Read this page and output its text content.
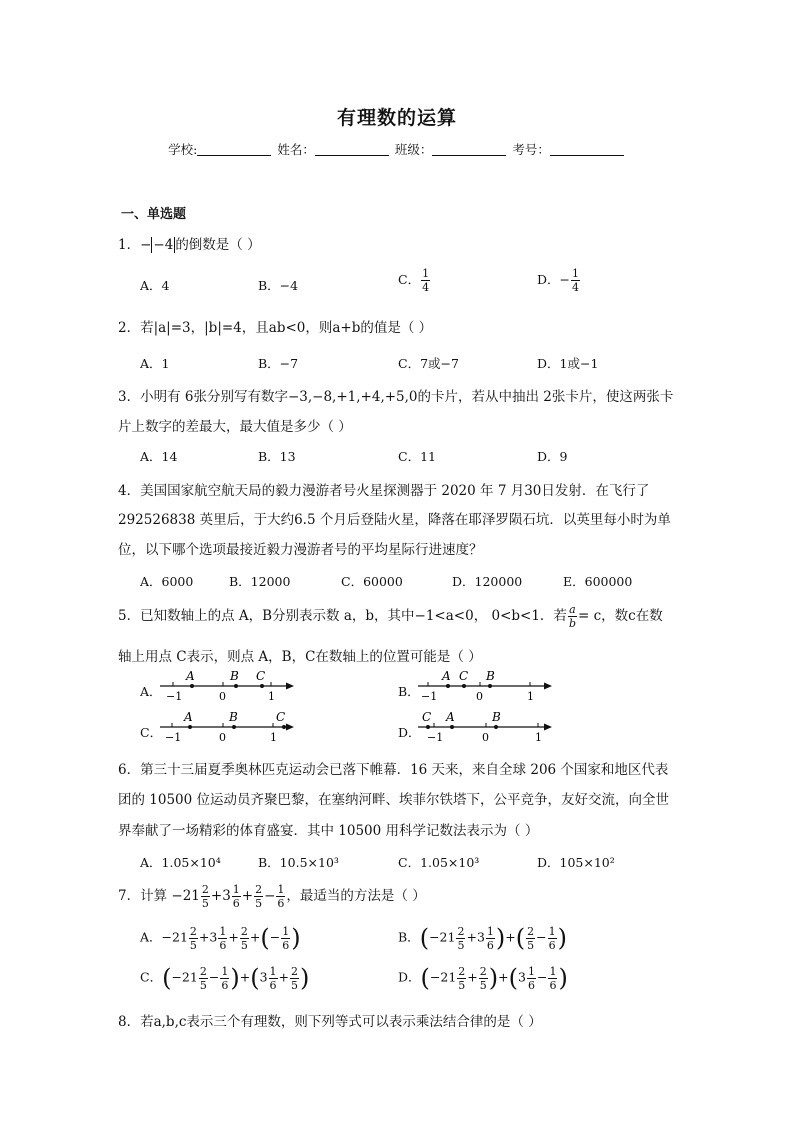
有理数的运算
学校:	姓名：	班级：	考号：
一、单选题
1．− −4 的倒数是（ ）
A．4	B．−4	C． $\frac{1}{4}$	D．− $\frac{1}{4}$
2．若|a|=3，|b|=4，且ab<0，则a+b的值是（ ）
A．1	B．−7	C．7或−7	D．1或−1
3．小明有 6张分别写有数字−3,−8,+1,+4,+5,0的卡片，若从中抽出 2张卡片，使这两张卡
片上数字的差最大，最大值是多少（ ）
A．14	B．13	C．11	D．9
4．美国国家航空航天局的毅力漫游者号火星探测器于 2020 年 7 月30日发射．在飞行了
292526838 英里后，于大约6.5 个月后登陆火星，降落在耶泽罗陨石坑．以英里每小时为单
位，以下哪个选项最接近毅力漫游者号的平均星际行进速度？
A．6000	B．12000	C．60000	D．120000	E．600000
5．已知数轴上的点 A，B分别表示数 a，b，其中−1<a<0， 0<b<1．若 $\frac{a}{b} = c$，数c在数
轴上用点 C表示，则点 A，B，C在数轴上的位置可能是（ ）
A．
A	B C
−1	0	1	B．
A C B
−1	0	1
C．
A	B	C
−1	0	1	D．
C A	B
−1	0	1
6．第三十三届夏季奥林匹克运动会已落下帷幕．16 天来，来自全球 206 个国家和地区代表
团的 10500 位运动员齐聚巴黎，在塞纳河畔、埃菲尔铁塔下，公平竞争，友好交流，向全世
界奉献了一场精彩的体育盛宴．其中 10500 用科学记数法表示为（ ）
A．1.05×10⁴	B．10.5×10³	C．1.05×10³	D．105×10²
7．计算 $-21 \frac{2}{5} +3 \frac{1}{6} + \frac{2}{5} - \frac{1}{6}$ ，最适当的方法是（ ）
A．$-21 \frac{2}{5} +3 \frac{1}{6} + \frac{2}{5}$ +(− $\frac{1}{6}$ )	B．($-21 \frac{2}{5} +3 \frac{1}{6}$ )+( $\frac{2}{5} - \frac{1}{6}$ )
C．$(-21 \frac{2}{5} - \frac{1}{6} )+(3 \frac{1}{6} + \frac{2}{5}$ )	D．$(-21 \frac{2}{5} + \frac{2}{5} )+(3 \frac{1}{6} - \frac{1}{6}$ )
8．若a,b,c表示三个有理数，则下列等式可以表示乘法结合律的是（ ）
